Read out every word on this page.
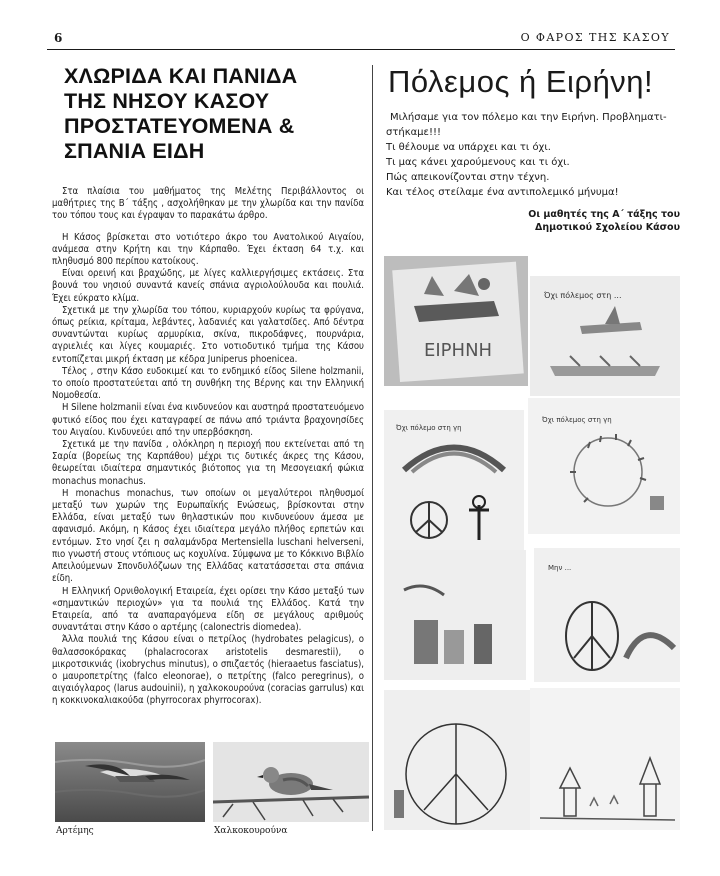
6	Ο ΦΑΡΟΣ ΤΗΣ ΚΑΣΟΥ
ΧΛΩΡΙΔΑ ΚΑΙ ΠΑΝΙΔΑ
ΤΗΣ ΝΗΣΟΥ ΚΑΣΟΥ
ΠΡΟΣΤΑΤΕΥΟΜΕΝΑ &
ΣΠΑΝΙΑ ΕΙΔΗ

Στα πλαίσια του μαθήματος της Μελέτης Περιβάλλοντος οι μαθήτριες της Β΄ τάξης , ασχολήθηκαν με την χλωρίδα και την πανίδα του τόπου τους και έγραψαν το παρακάτω άρθρο.

Η Κάσος βρίσκεται στο νοτιότερο άκρο του Ανατολικού Αιγαίου, ανάμεσα στην Κρήτη και την Κάρπαθο. Έχει έκταση 64 τ.χ. και πληθυσμό 800 περίπου κατοίκους.

Είναι ορεινή και βραχώδης, με λίγες καλλιεργήσιμες εκτάσεις. Στα βουνά του νησιού συναντά κανείς σπάνια αγριολούλουδα και πουλιά. Έχει εύκρατο κλίμα.

Σχετικά με την χλωρίδα του τόπου, κυριαρχούν κυρίως τα φρύγανα, όπως ρείκια, κρίταμα, λεβάντες, λαδανιές και γαλατσίδες. Από δέντρα συναντώνται κυρίως αρμυρίκια, σκίνα, πικροδάφνες, πουρνάρια, αγριελιές και λίγες κουμαριές. Στο νοτιοδυτικό τμήμα της Κάσου εντοπίζεται μικρή έκταση με κέδρα Juniperus phoenicea.

Τέλος , στην Κάσο ευδοκιμεί και το ενδημικό είδος Silene holzmanii, το οποίο προστατεύεται από τη συνθήκη της Βέρνης και την Ελληνική Νομοθεσία.

Η Silene holzmanii είναι ένα κινδυνεύον και αυστηρά προστατευόμενο φυτικό είδος που έχει καταγραφεί σε πάνω από τριάντα βραχονησίδες του Αιγαίου. Κινδυνεύει από την υπερβόσκηση.

Σχετικά με την πανίδα , ολόκληρη η περιοχή που εκτείνεται από τη Σαρία (βορείως της Καρπάθου) μέχρι τις δυτικές άκρες της Κάσου, θεωρείται ιδιαίτερα σημαντικός βιότοπος για τη Μεσογειακή φώκια monachus monachus.

Η monachus monachus, των οποίων οι μεγαλύτεροι πληθυσμοί μεταξύ των χωρών της Ευρωπαϊκής Ενώσεως, βρίσκονται στην Ελλάδα, είναι μεταξύ των θηλαστικών που κινδυνεύουν άμεσα με αφανισμό. Ακόμη, η Κάσος έχει ιδιαίτερα μεγάλο πλήθος ερπετών και εντόμων. Στο νησί ζει η σαλαμάνδρα Mertensiella luschani helverseni, πιο γνωστή στους ντόπιους ως κοχυλίνα. Σύμφωνα με το Κόκκινο Βιβλίο Απειλούμενων Σπονδυλόζωων της Ελλάδας κατατάσσεται στα σπάνια είδη.

Η Ελληνική Ορνιθολογική Εταιρεία, έχει ορίσει την Κάσο μεταξύ των «σημαντικών περιοχών» για τα πουλιά της Ελλάδος. Κατά την Εταιρεία, από τα αναπαραγόμενα είδη σε μεγάλους αριθμούς συναντάται στην Κάσο ο αρτέμης (calonectris diomedea).

Άλλα πουλιά της Κάσου είναι ο πετρίλος (hydrobates pelagicus), ο θαλασσοκόρακας (phalacrocorax aristotelis desmarestii), ο μικροτσικνιάς (ixobrychus minutus), ο σπιζαετός (hieraaetus fasciatus), ο μαυροπετρίτης (falco eleonorae), ο πετρίτης (falco peregrinus), ο αιγαιόγλαρος (larus audouinii), η χαλκοκουρούνα (coracias garrulus) και η κοκκινοκαλιακούδα (phyrrocorax phyrrocorax).

Αρτέμης	Χαλκοκουρούνα
Πόλεμος ή Ειρήνη!
Μιλήσαμε για τον πόλεμο και την Ειρήνη. Προβληματι-
στήκαμε!!!
Τι θέλουμε να υπάρχει και τι όχι.
Τι μας κάνει χαρούμενους και τι όχι.
Πώς απεικονίζονται στην τέχνη.
Και τέλος στείλαμε ένα αντιπολεμικό μήνυμα!
Οι μαθητές της Α΄ τάξης του
Δημοτικού Σχολείου Κάσου
ΕΙΡΗΝΗ
Όχι πόλεμος στη ...
Όχι πόλεμο στη γη
Όχι πόλεμος στη γη
Μην ...
